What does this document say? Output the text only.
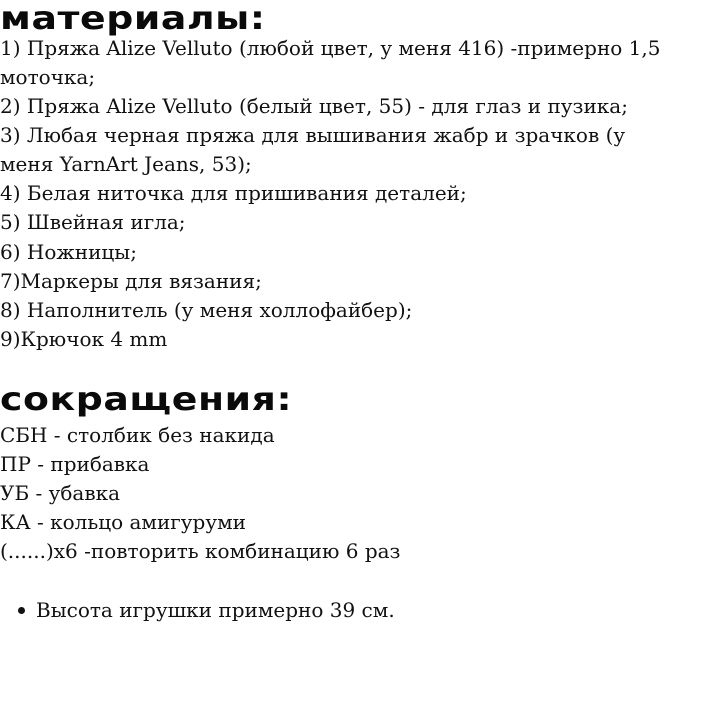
материалы:

1) Пряжа Alize Velluto (любой цвет, у меня 416) -примерно 1,5

моточка;

2) Пряжа Alize Velluto (белый цвет, 55) - для глаз и пузика;

3) Любая черная пряжа для вышивания жабр и зрачков (у

меня YarnArt Jeans, 53);

4) Белая ниточка для пришивания деталей;

5) Швейная игла;

6) Ножницы;

7)Маркеры для вязания;

8) Наполнитель (у меня холлофайбер);

9)Крючок 4 mm

сокращения:

СБН - столбик без накида

ПР - прибавка

УБ - убавка

КА - кольцо амигуруми

(......)х6 -повторить комбинацию 6 раз

Высота игрушки примерно 39 см.
